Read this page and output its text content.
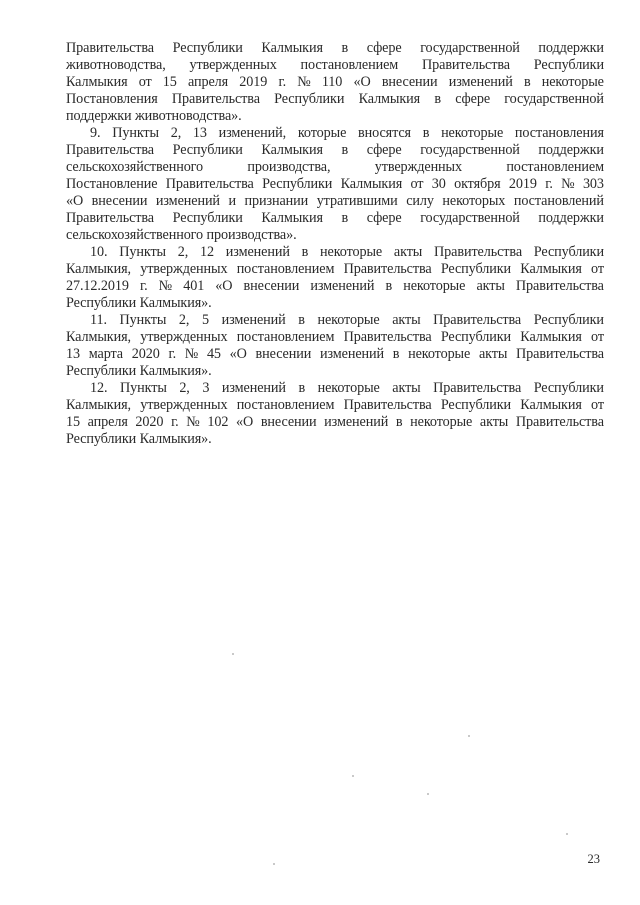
Правительства Республики Калмыкия в сфере государственной поддержки
животноводства, утвержденных постановлением Правительства Республики
Калмыкия от 15 апреля 2019 г. № 110 «О внесении изменений в некоторые
Постановления Правительства Республики Калмыкия в сфере государственной
поддержки животноводства».
9. Пункты 2, 13 изменений, которые вносятся в некоторые постановления
Правительства Республики Калмыкия в сфере государственной поддержки
сельскохозяйственного	производства,	утвержденных	постановлением
Постановление Правительства Республики Калмыкия от 30 октября 2019 г. № 303
«О внесении изменений и признании утратившими силу некоторых постановлений
Правительства Республики Калмыкия в сфере государственной поддержки
сельскохозяйственного производства».
10. Пункты 2, 12 изменений в некоторые акты Правительства Республики
Калмыкия, утвержденных постановлением Правительства Республики Калмыкия от
27.12.2019 г. № 401 «О внесении изменений в некоторые акты Правительства
Республики Калмыкия».
11. Пункты 2, 5 изменений в некоторые акты Правительства Республики
Калмыкия, утвержденных постановлением Правительства Республики Калмыкия от
13 марта 2020 г. № 45 «О внесении изменений в некоторые акты Правительства
Республики Калмыкия».
12. Пункты 2, 3 изменений в некоторые акты Правительства Республики
Калмыкия, утвержденных постановлением Правительства Республики Калмыкия от
15 апреля 2020 г. № 102 «О внесении изменений в некоторые акты Правительства
Республики Калмыкия».
23
